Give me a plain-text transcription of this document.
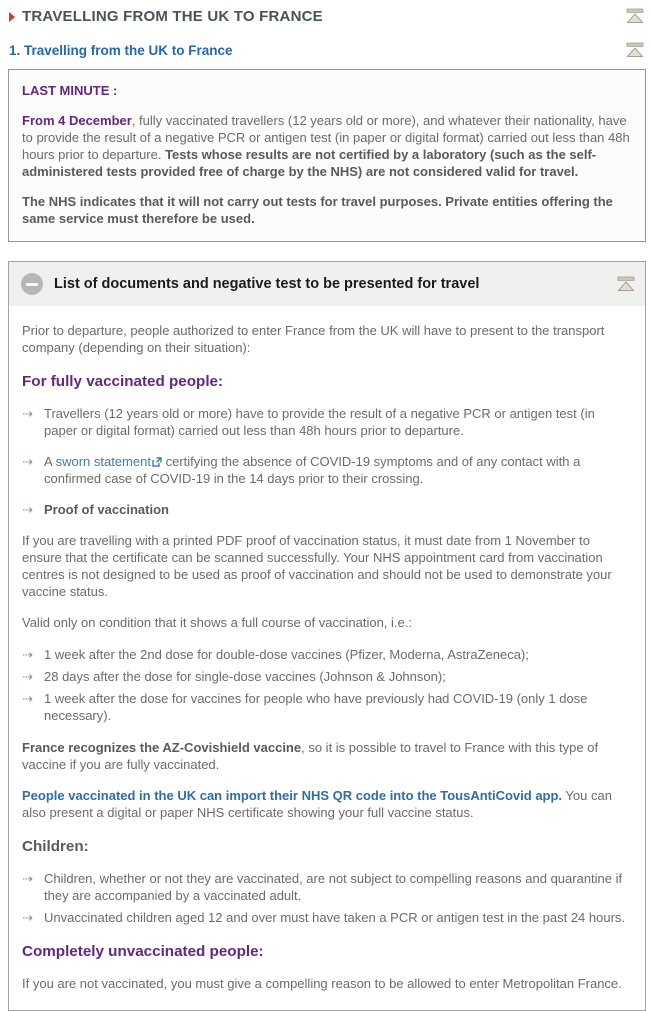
TRAVELLING FROM THE UK TO FRANCE
1. Travelling from the UK to France
LAST MINUTE :

From 4 December, fully vaccinated travellers (12 years old or more), and whatever their nationality, have to provide the result of a negative PCR or antigen test (in paper or digital format) carried out less than 48h hours prior to departure. Tests whose results are not certified by a laboratory (such as the self-administered tests provided free of charge by the NHS) are not considered valid for travel.

The NHS indicates that it will not carry out tests for travel purposes. Private entities offering the same service must therefore be used.

List of documents and negative test to be presented for travel

Prior to departure, people authorized to enter France from the UK will have to present to the transport company (depending on their situation):

For fully vaccinated people:
⇢ Travellers (12 years old or more) have to provide the result of a negative PCR or antigen test (in paper or digital format) carried out less than 48h hours prior to departure.
⇢ A sworn statement certifying the absence of COVID-19 symptoms and of any contact with a confirmed case of COVID-19 in the 14 days prior to their crossing.
⇢ Proof of vaccination

If you are travelling with a printed PDF proof of vaccination status, it must date from 1 November to ensure that the certificate can be scanned successfully. Your NHS appointment card from vaccination centres is not designed to be used as proof of vaccination and should not be used to demonstrate your vaccine status.

Valid only on condition that it shows a full course of vaccination, i.e.:

⇢ 1 week after the 2nd dose for double-dose vaccines (Pfizer, Moderna, AstraZeneca);
⇢ 28 days after the dose for single-dose vaccines (Johnson & Johnson);
⇢ 1 week after the dose for vaccines for people who have previously had COVID-19 (only 1 dose necessary).

France recognizes the AZ-Covishield vaccine, so it is possible to travel to France with this type of vaccine if you are fully vaccinated.

People vaccinated in the UK can import their NHS QR code into the TousAntiCovid app. You can also present a digital or paper NHS certificate showing your full vaccine status.

Children:
⇢ Children, whether or not they are vaccinated, are not subject to compelling reasons and quarantine if they are accompanied by a vaccinated adult.
⇢ Unvaccinated children aged 12 and over must have taken a PCR or antigen test in the past 24 hours.
Completely unvaccinated people:

If you are not vaccinated, you must give a compelling reason to be allowed to enter Metropolitan France.
